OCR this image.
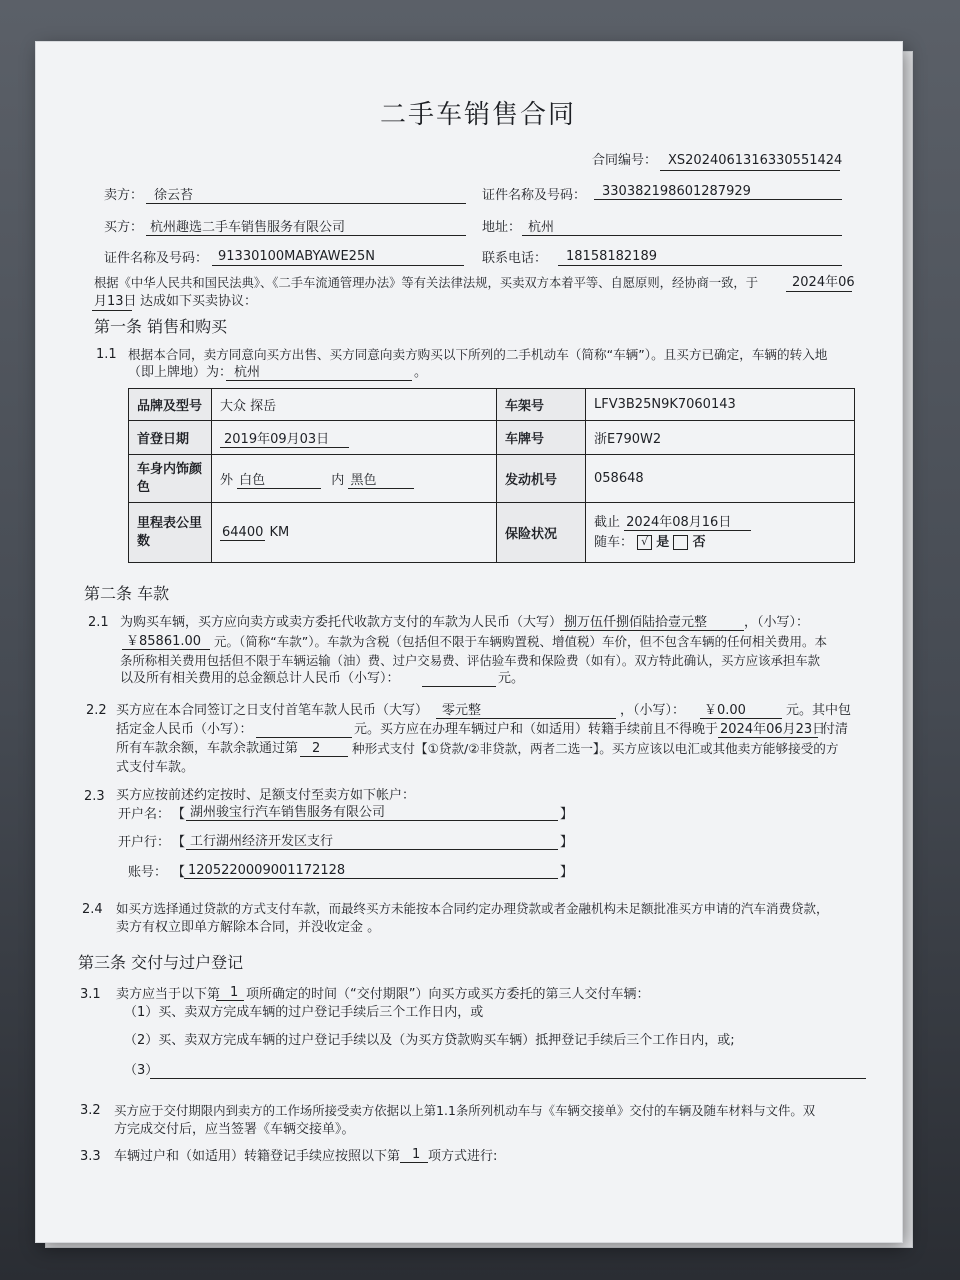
二手车销售合同
合同编号： XS2024061316330551424
卖方： 徐云苔	证件名称及号码： 330382198601287929
买方： 杭州趣选二手车销售服务有限公司	地址： 杭州
证件名称及号码： 91330100MABYAWE25N	联系电话： 18158182189
根据《中华人民共和国民法典》、《二手车流通管理办法》等有关法律法规，买卖双方本着平等、自愿原则，经协商一致，于	2024年06
月13日 达成如下买卖协议：
第一条 销售和购买
1.1 根据本合同，卖方同意向买方出售、买方同意向卖方购买以下所列的二手机动车（简称“车辆”）。且买方已确定，车辆的转入地
（即上牌地）为： 杭州	。
品牌及型号	大众 探岳	车架号	LFV3B25N9K7060143
首登日期	2019年09月03日	车牌号	浙E790W2
车身内饰颜色	外 白色 内 黑色	发动机号	058648
里程表公里数	64400 KM	保险状况	截止 2024年08月16日
随车： √ 是 否
第二条 车款
2.1 为购买车辆，买方应向卖方或卖方委托代收款方支付的车款为人民币（大写） 捌万伍仟捌佰陆拾壹元整	，（小写）：
￥85861.00 元。（简称“车款”）。车款为含税（包括但不限于车辆购置税、增值税）车价，但不包含车辆的任何相关费用。本
条所称相关费用包括但不限于车辆运输（油）费、过户交易费、评估验车费和保险费（如有）。双方特此确认，买方应该承担车款
以及所有相关费用的总金额总计人民币（小写）：	元。
2.2 买方应在本合同签订之日支付首笔车款人民币（大写） 零元整	，（小写）： ￥0.00	元。其中包
括定金人民币（小写）：	元。买方应在办理车辆过户和（如适用）转籍手续前且不得晚于 2024年06月23日
付清
所有车款余额，车款余款通过第 2	种形式支付【①贷款/②非贷款，两者二选一】。买方应该以电汇或其他卖方能够接受的方
式支付车款。
2.3 买方应按前述约定按时、足额支付至卖方如下帐户：
开户名： 【 湖州骏宝行汽车销售服务有限公司	】
开户行： 【 工行湖州经济开发区支行	】
账号： 【 1205220009001172128	】
2.4 如买方选择通过贷款的方式支付车款，而最终买方未能按本合同约定办理贷款或者金融机构未足额批准买方申请的汽车消费贷款，
卖方有权立即单方解除本合同，并没收定金 。
第三条 交付与过户登记
3.1 卖方应当于以下第 1 项所确定的时间（“交付期限”）向买方或买方委托的第三人交付车辆：
（1）买、卖双方完成车辆的过户登记手续后三个工作日内，或
（2）买、卖双方完成车辆的过户登记手续以及（为买方贷款购买车辆）抵押登记手续后三个工作日内，或;
（3）
3.2 买方应于交付期限内到卖方的工作场所接受卖方依据以上第1.1条所列机动车与《车辆交接单》交付的车辆及随车材料与文件。双
方完成交付后，应当签署《车辆交接单》。
3.3 车辆过户和（如适用）转籍登记手续应按照以下第 1 项方式进行:
